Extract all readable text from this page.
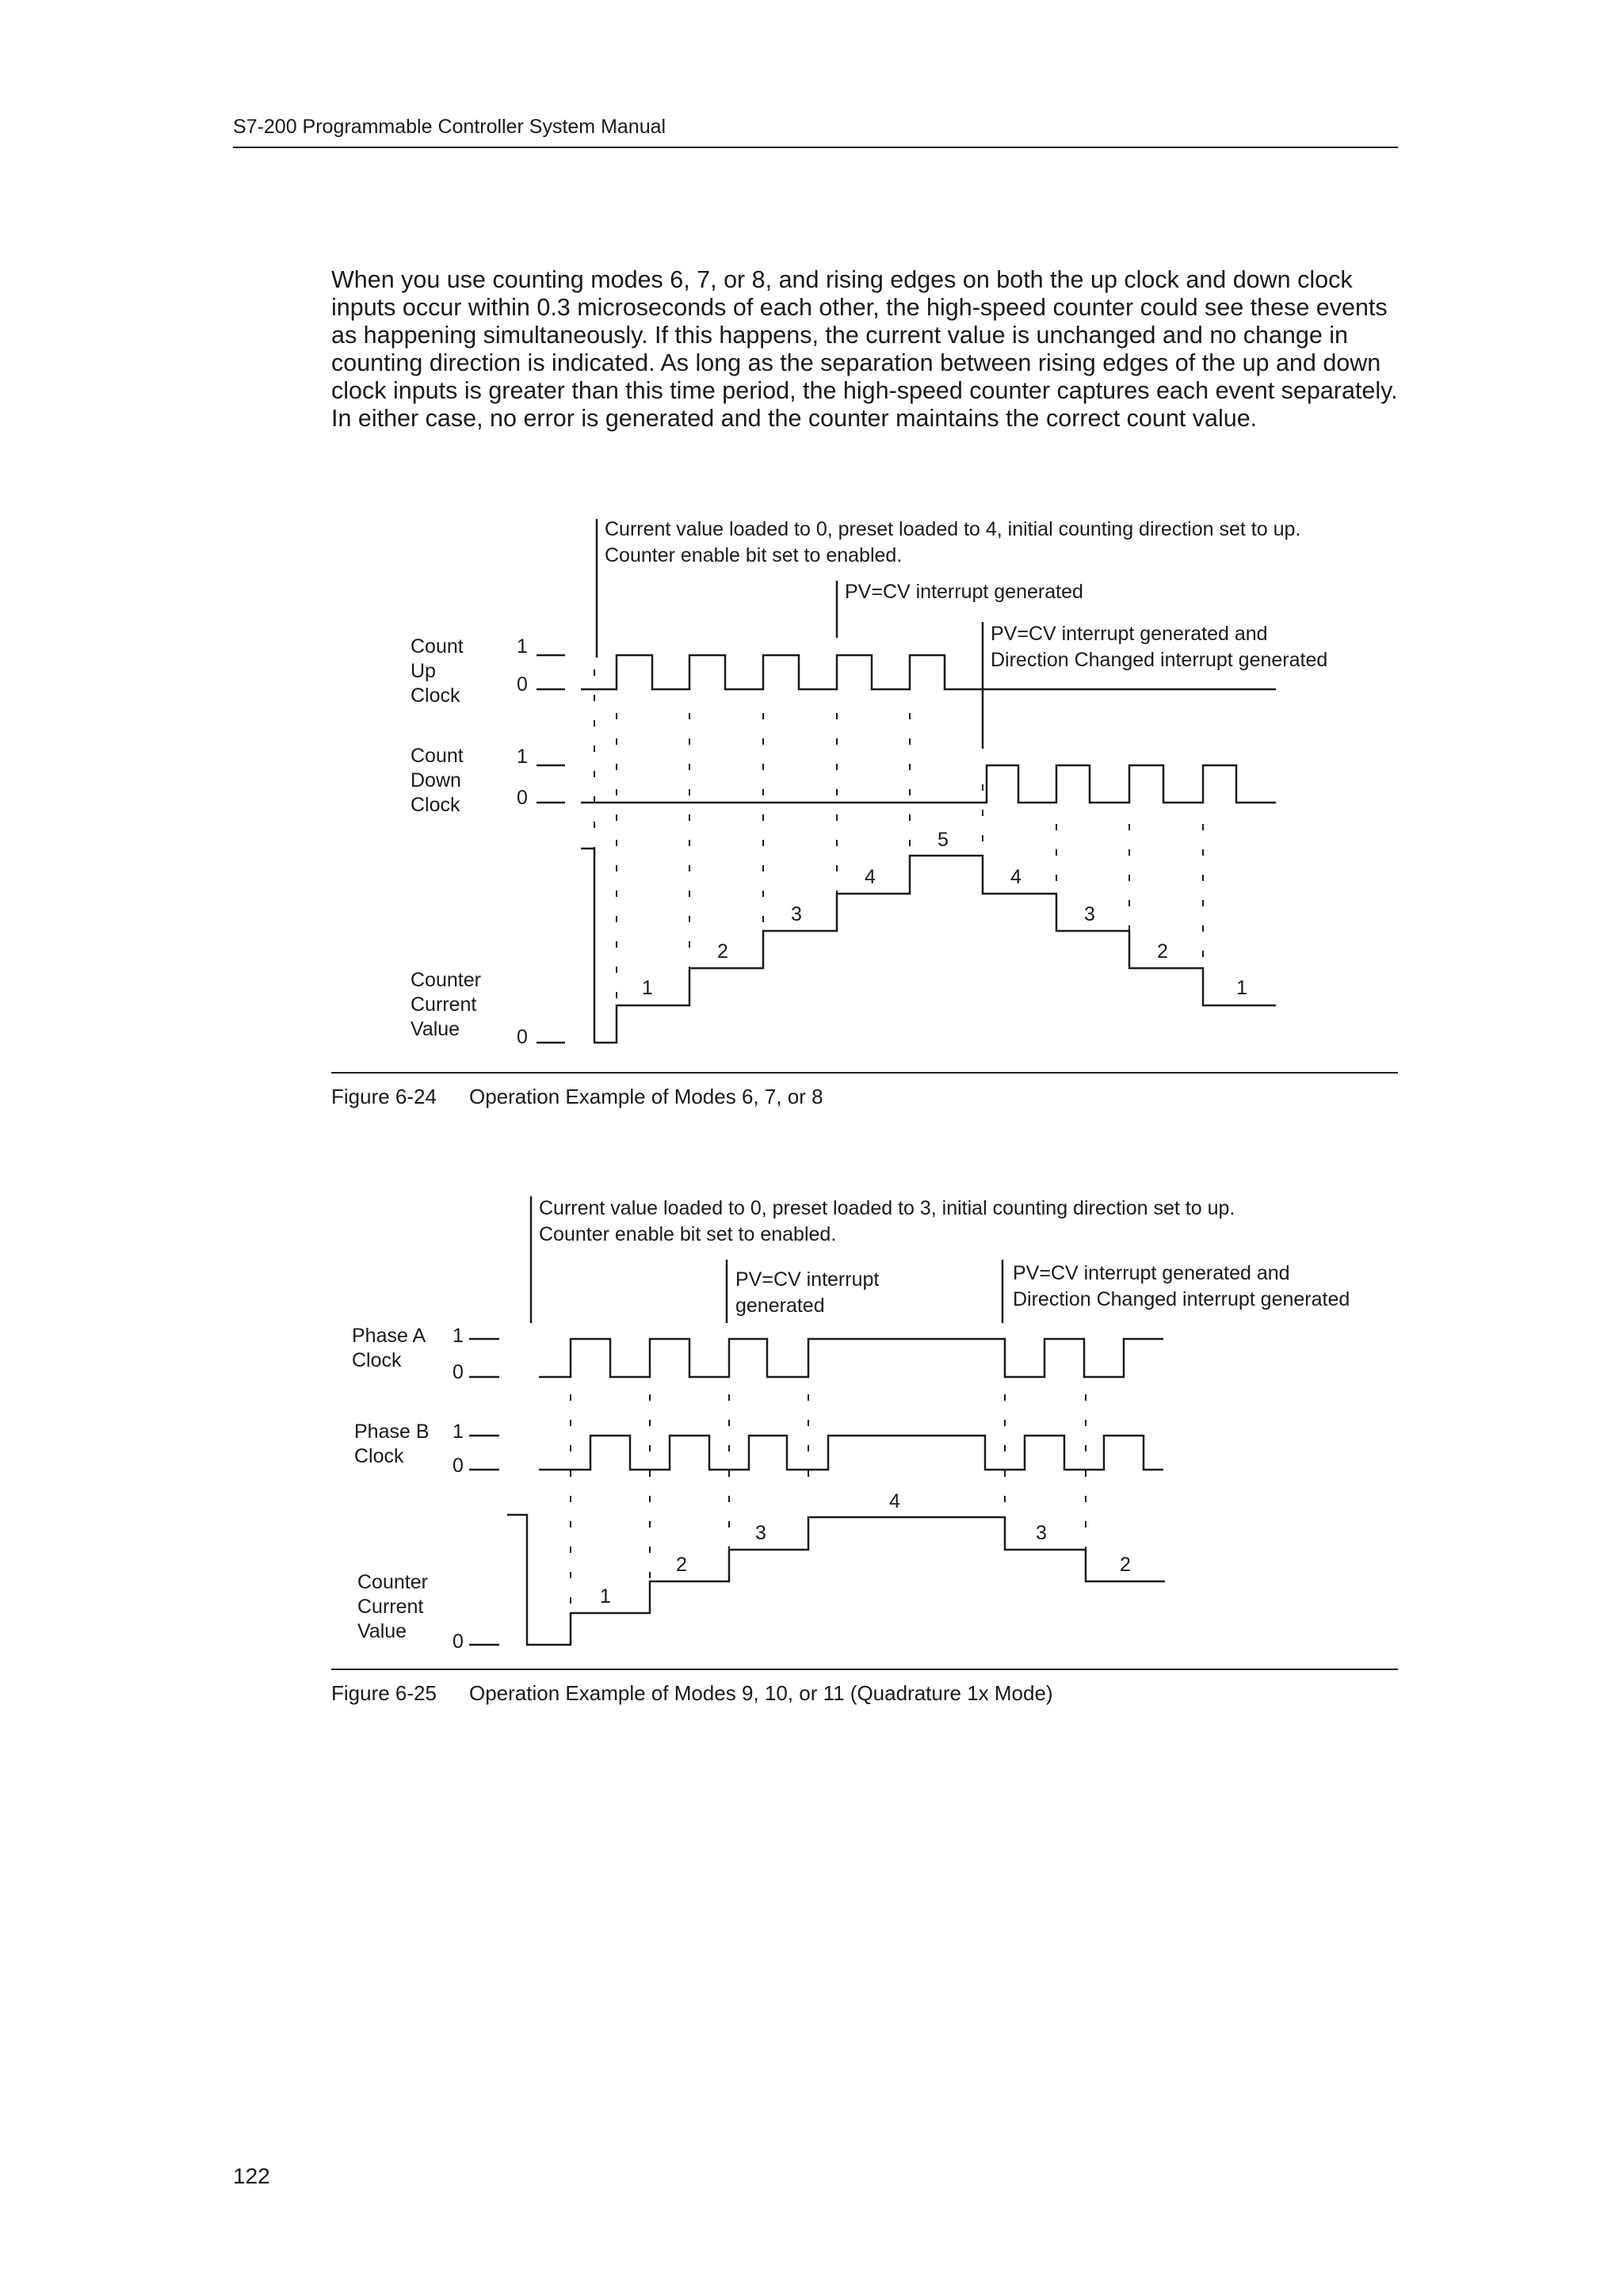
S7-200 Programmable Controller System Manual

When you use counting modes 6, 7, or 8, and rising edges on both the up clock and down clock inputs occur within 0.3 microseconds of each other, the high-speed counter could see these events as happening simultaneously. If this happens, the current value is unchanged and no change in counting direction is indicated. As long as the separation between rising edges of the up and down clock inputs is greater than this time period, the high-speed counter captures each event separately. In either case, no error is generated and the counter maintains the correct count value.

Current value loaded to 0, preset loaded to 4, initial counting direction set to up.
Counter enable bit set to enabled.
PV=CV interrupt generated
PV=CV interrupt generated and
Direction Changed interrupt generated
Count
Up
Clock
Count
Down
Clock
Counter
Current
Value
1
0
1
0
0
1
2
3
4
5
4
3
2
1
Figure 6-24 Operation Example of Modes 6, 7, or 8
Current value loaded to 0, preset loaded to 3, initial counting direction set to up.
Counter enable bit set to enabled.
PV=CV interrupt
generated
PV=CV interrupt generated and
Direction Changed interrupt generated
Phase A
Clock
Phase B
Clock
Counter
Current
Value
1
0
1
0
0
1
2
3
4
3
2
Figure 6-25 Operation Example of Modes 9, 10, or 11 (Quadrature 1x Mode)
122
